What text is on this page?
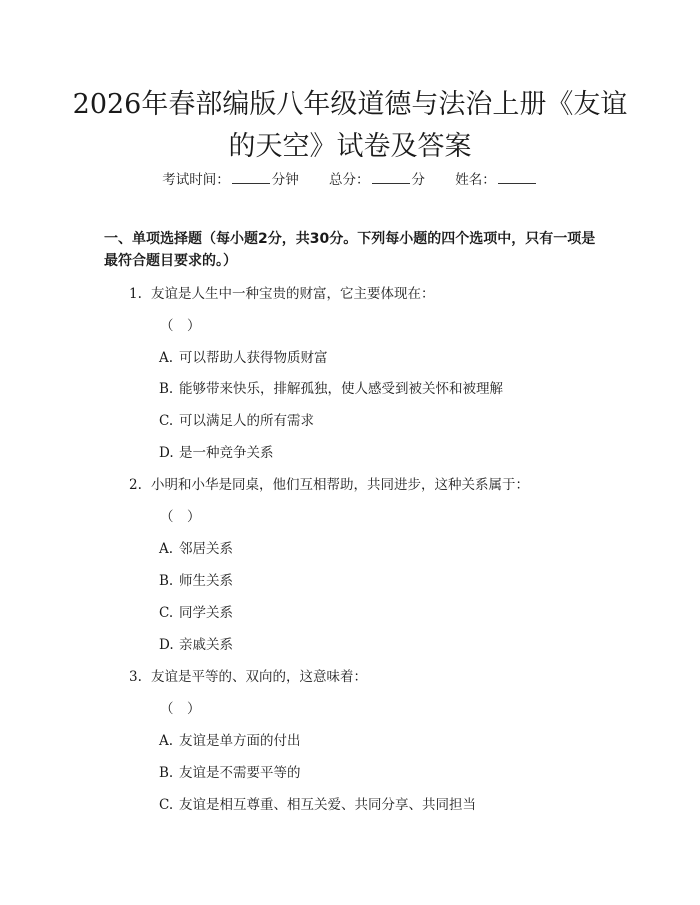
2026年春部编版八年级道德与法治上册《友谊的天空》试卷及答案
考试时间：	分钟 总分：	分 姓名：
一、单项选择题（每小题2分，共30分。下列每小题的四个选项中，只有一项是最符合题目要求的。）
1. 友谊是人生中一种宝贵的财富，它主要体现在：
（　）
A. 可以帮助人获得物质财富
B. 能够带来快乐，排解孤独，使人感受到被关怀和被理解
C. 可以满足人的所有需求
D. 是一种竞争关系
2. 小明和小华是同桌，他们互相帮助，共同进步，这种关系属于：
（　）
A. 邻居关系
B. 师生关系
C. 同学关系
D. 亲戚关系
3. 友谊是平等的、双向的，这意味着：
（　）
A. 友谊是单方面的付出
B. 友谊是不需要平等的
C. 友谊是相互尊重、相互关爱、共同分享、共同担当
